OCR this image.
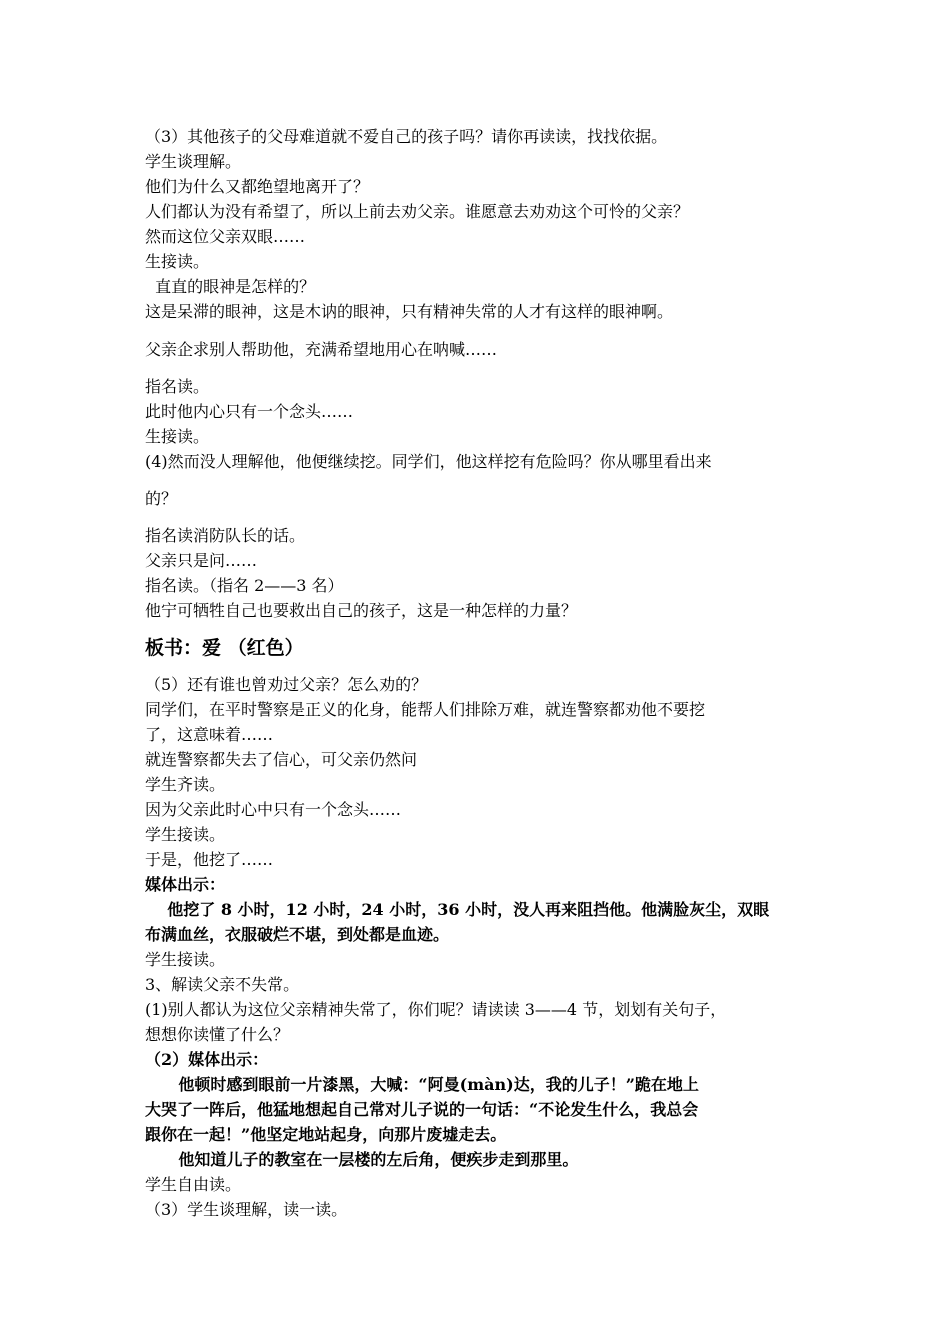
（3）其他孩子的父母难道就不爱自己的孩子吗？请你再读读，找找依据。
学生谈理解。
他们为什么又都绝望地离开了？
人们都认为没有希望了，所以上前去劝父亲。谁愿意去劝劝这个可怜的父亲？
然而这位父亲双眼……
生接读。
直直的眼神是怎样的？
这是呆滞的眼神，这是木讷的眼神，只有精神失常的人才有这样的眼神啊。
父亲企求别人帮助他，充满希望地用心在呐喊……
指名读。
此时他内心只有一个念头……
生接读。
(4)然而没人理解他，他便继续挖。同学们，他这样挖有危险吗？你从哪里看出来
的？
指名读消防队长的话。
父亲只是问……
指名读。（指名 2——3 名）
他宁可牺牲自己也要救出自己的孩子，这是一种怎样的力量？
板书：爱 （红色）
（5）还有谁也曾劝过父亲？怎么劝的？
同学们，在平时警察是正义的化身，能帮人们排除万难，就连警察都劝他不要挖
了，这意味着……
就连警察都失去了信心，可父亲仍然问
学生齐读。
因为父亲此时心中只有一个念头……
学生接读。
于是，他挖了……
媒体出示：
他挖了 8 小时，12 小时，24 小时，36 小时，没人再来阻挡他。他满脸灰尘，双眼
布满血丝，衣服破烂不堪，到处都是血迹。
学生接读。
3、解读父亲不失常。
(1)别人都认为这位父亲精神失常了，你们呢？请读读 3——4 节，划划有关句子，
想想你读懂了什么？
（2）媒体出示：
他顿时感到眼前一片漆黑，大喊：“阿曼(màn)达，我的儿子！”跪在地上
大哭了一阵后，他猛地想起自己常对儿子说的一句话：“不论发生什么，我总会
跟你在一起！”他坚定地站起身，向那片废墟走去。
他知道儿子的教室在一层楼的左后角，便疾步走到那里。
学生自由读。
（3）学生谈理解，读一读。
